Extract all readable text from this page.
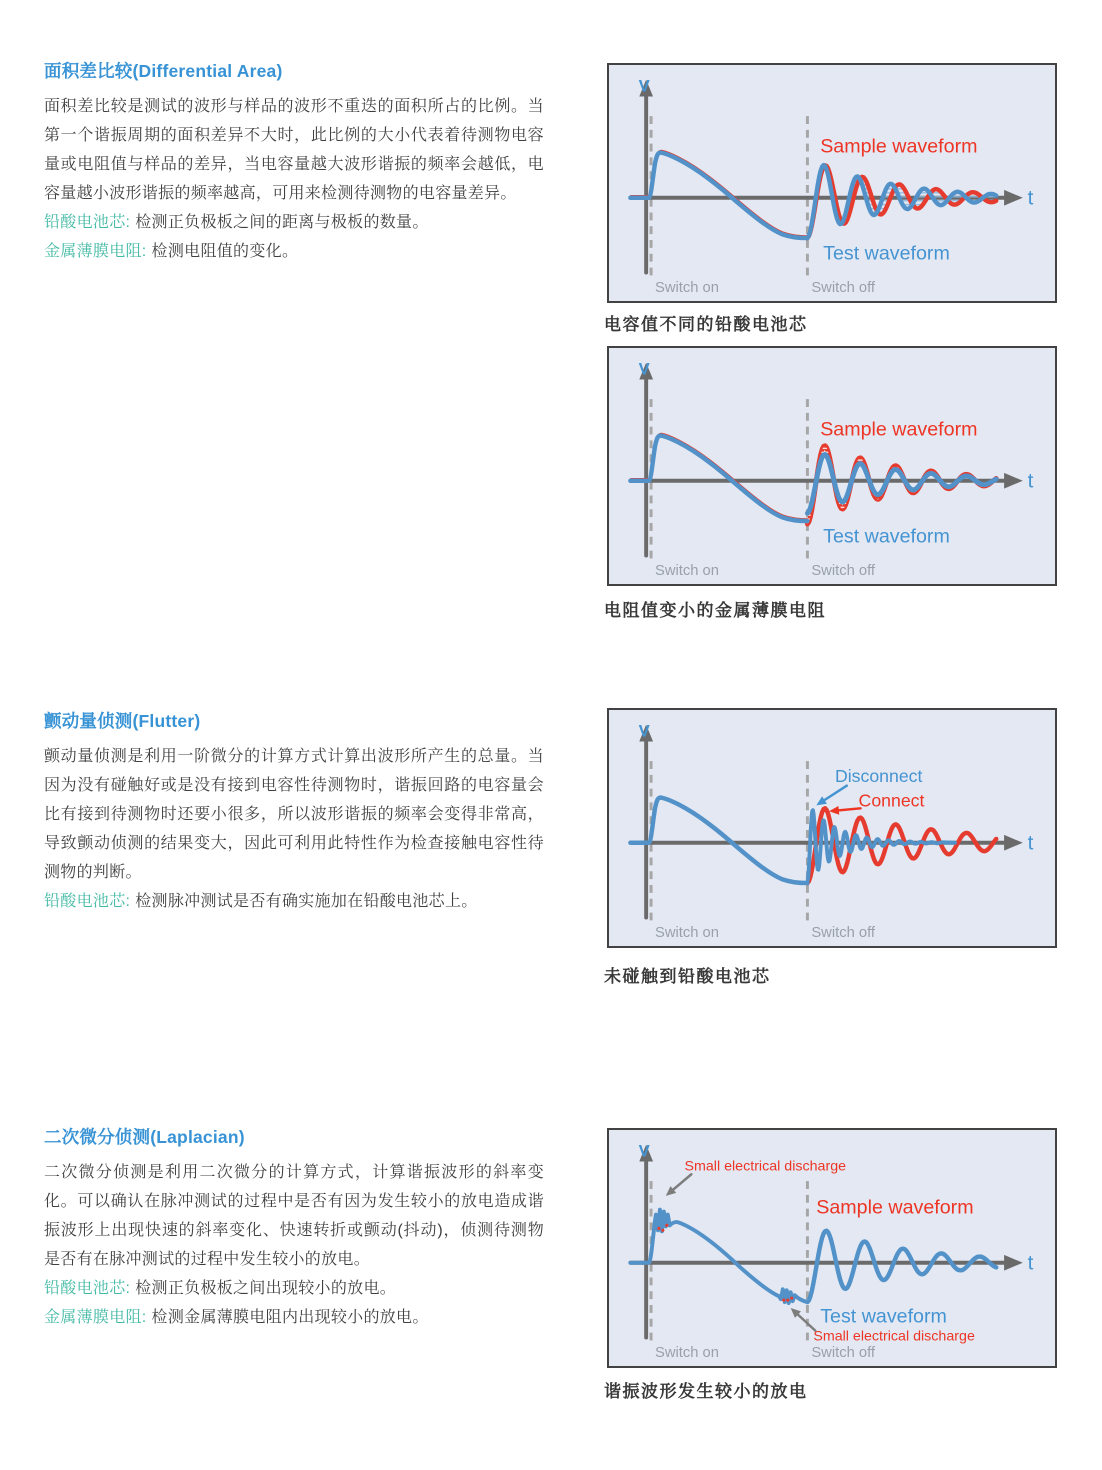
面积差比较(Differential Area)

面积差比较是测试的波形与样品的波形不重迭的面积所占的比例。当第一个谐振周期的面积差异不大时，此比例的大小代表着待测物电容量或电阻值与样品的差异，当电容量越大波形谐振的频率会越低，电容量越小波形谐振的频率越高，可用来检测待测物的电容量差异。

铅酸电池芯: 检测正负极板之间的距离与极板的数量。
金属薄膜电阻: 检测电阻值的变化。
颤动量侦测(Flutter)

颤动量侦测是利用一阶微分的计算方式计算出波形所产生的总量。当因为没有碰触好或是没有接到电容性待测物时，谐振回路的电容量会比有接到待测物时还要小很多，所以波形谐振的频率会变得非常高，导致颤动侦测的结果变大，因此可利用此特性作为检查接触电容性待测物的判断。

铅酸电池芯: 检测脉冲测试是否有确实施加在铅酸电池芯上。
二次微分侦测(Laplacian)

二次微分侦测是利用二次微分的计算方式，计算谐振波形的斜率变化。可以确认在脉冲测试的过程中是否有因为发生较小的放电造成谐振波形上出现快速的斜率变化、快速转折或颤动(抖动)，侦测待测物是否有在脉冲测试的过程中发生较小的放电。

铅酸电池芯: 检测正负极板之间出现较小的放电。
金属薄膜电阻: 检测金属薄膜电阻内出现较小的放电。
V
t
Switch on	Switch off
Sample waveform
Test waveform
电容值不同的铅酸电池芯
V
t
Switch on	Switch off
Sample waveform
Test waveform
电阻值变小的金属薄膜电阻
V
t
Switch on	Switch off
Disconnect
Connect
未碰触到铅酸电池芯
V
t
Switch on	Switch off
Small electrical discharge
Small electrical discharge
Sample waveform
Test waveform
谐振波形发生较小的放电
